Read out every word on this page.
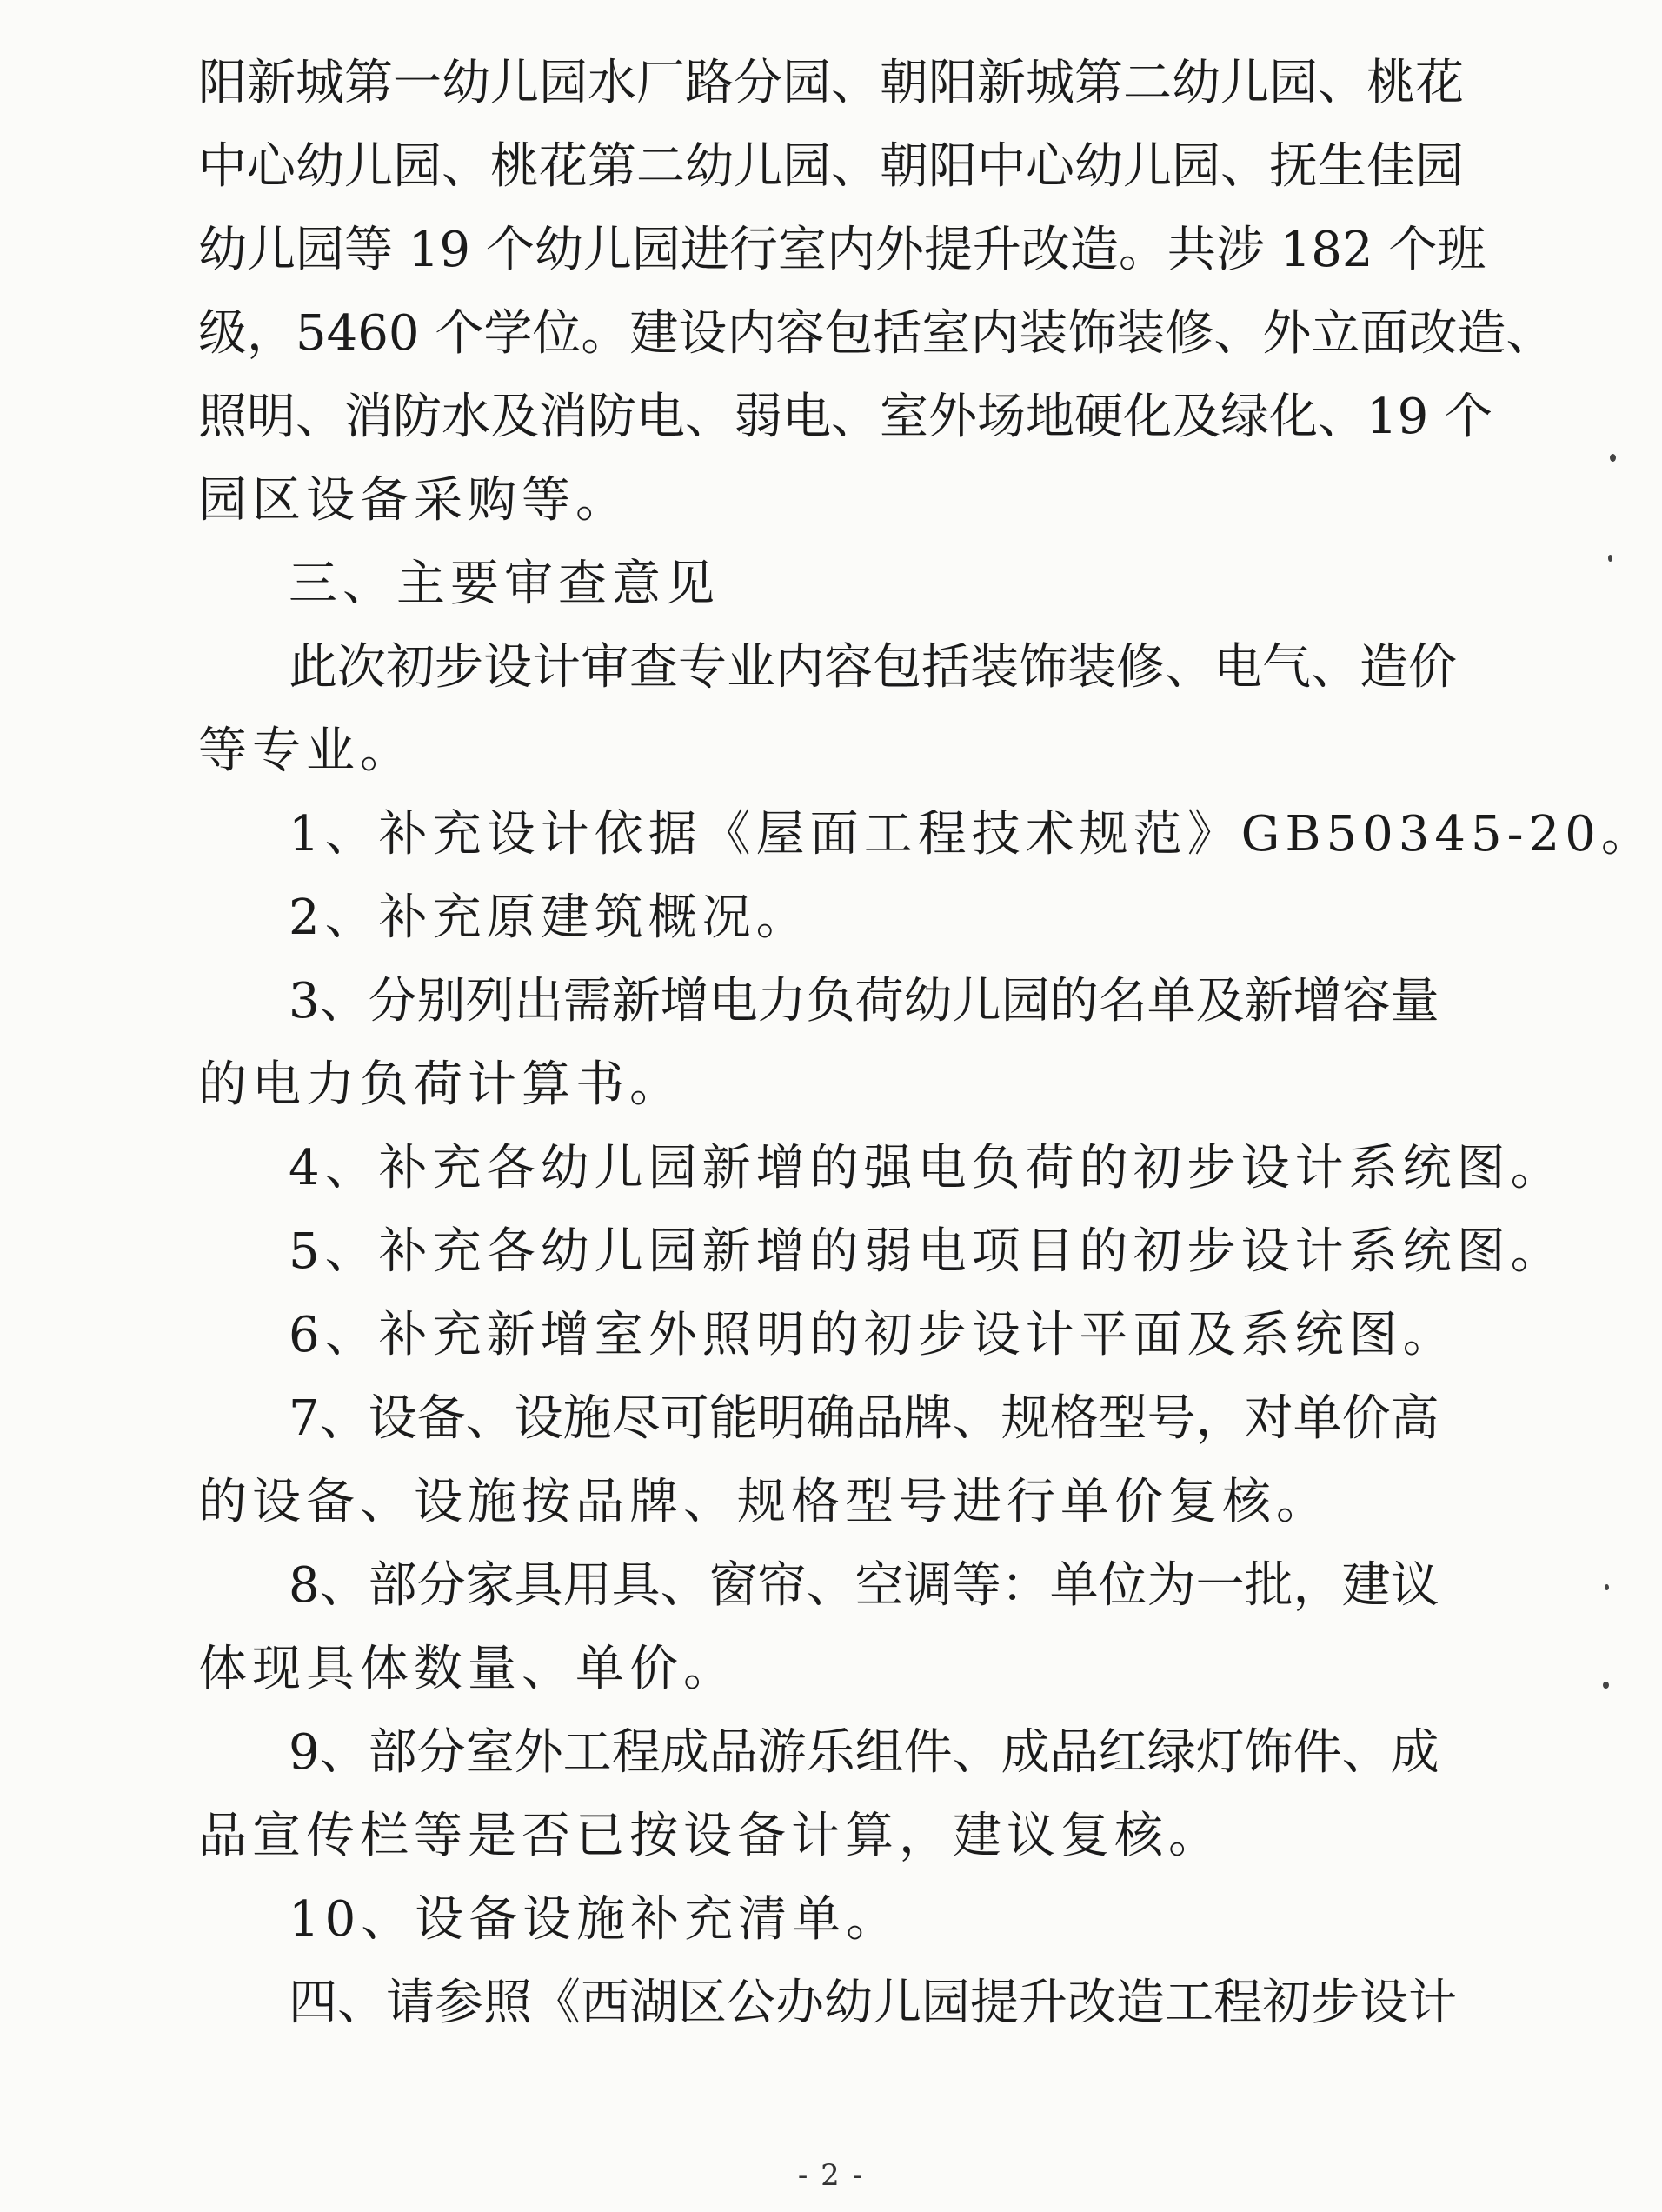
阳新城第一幼儿园水厂路分园、朝阳新城第二幼儿园、桃花
中心幼儿园、桃花第二幼儿园、朝阳中心幼儿园、抚生佳园
幼儿园等 19 个幼儿园进行室内外提升改造。共涉 182 个班
级，5460 个学位。建设内容包括室内装饰装修、外立面改造、
照明、消防水及消防电、弱电、室外场地硬化及绿化、19 个
园区设备采购等。
三、主要审查意见
此次初步设计审查专业内容包括装饰装修、电气、造价
等专业。
1、补充设计依据《屋面工程技术规范》GB50345-20。
2、补充原建筑概况。
3、分别列出需新增电力负荷幼儿园的名单及新增容量
的电力负荷计算书。
4、补充各幼儿园新增的强电负荷的初步设计系统图。
5、补充各幼儿园新增的弱电项目的初步设计系统图。
6、补充新增室外照明的初步设计平面及系统图。
7、设备、设施尽可能明确品牌、规格型号，对单价高
的设备、设施按品牌、规格型号进行单价复核。
8、部分家具用具、窗帘、空调等：单位为一批，建议
体现具体数量、单价。
9、部分室外工程成品游乐组件、成品红绿灯饰件、成
品宣传栏等是否已按设备计算，建议复核。
10、设备设施补充清单。
四、请参照《西湖区公办幼儿园提升改造工程初步设计
- 2 -
